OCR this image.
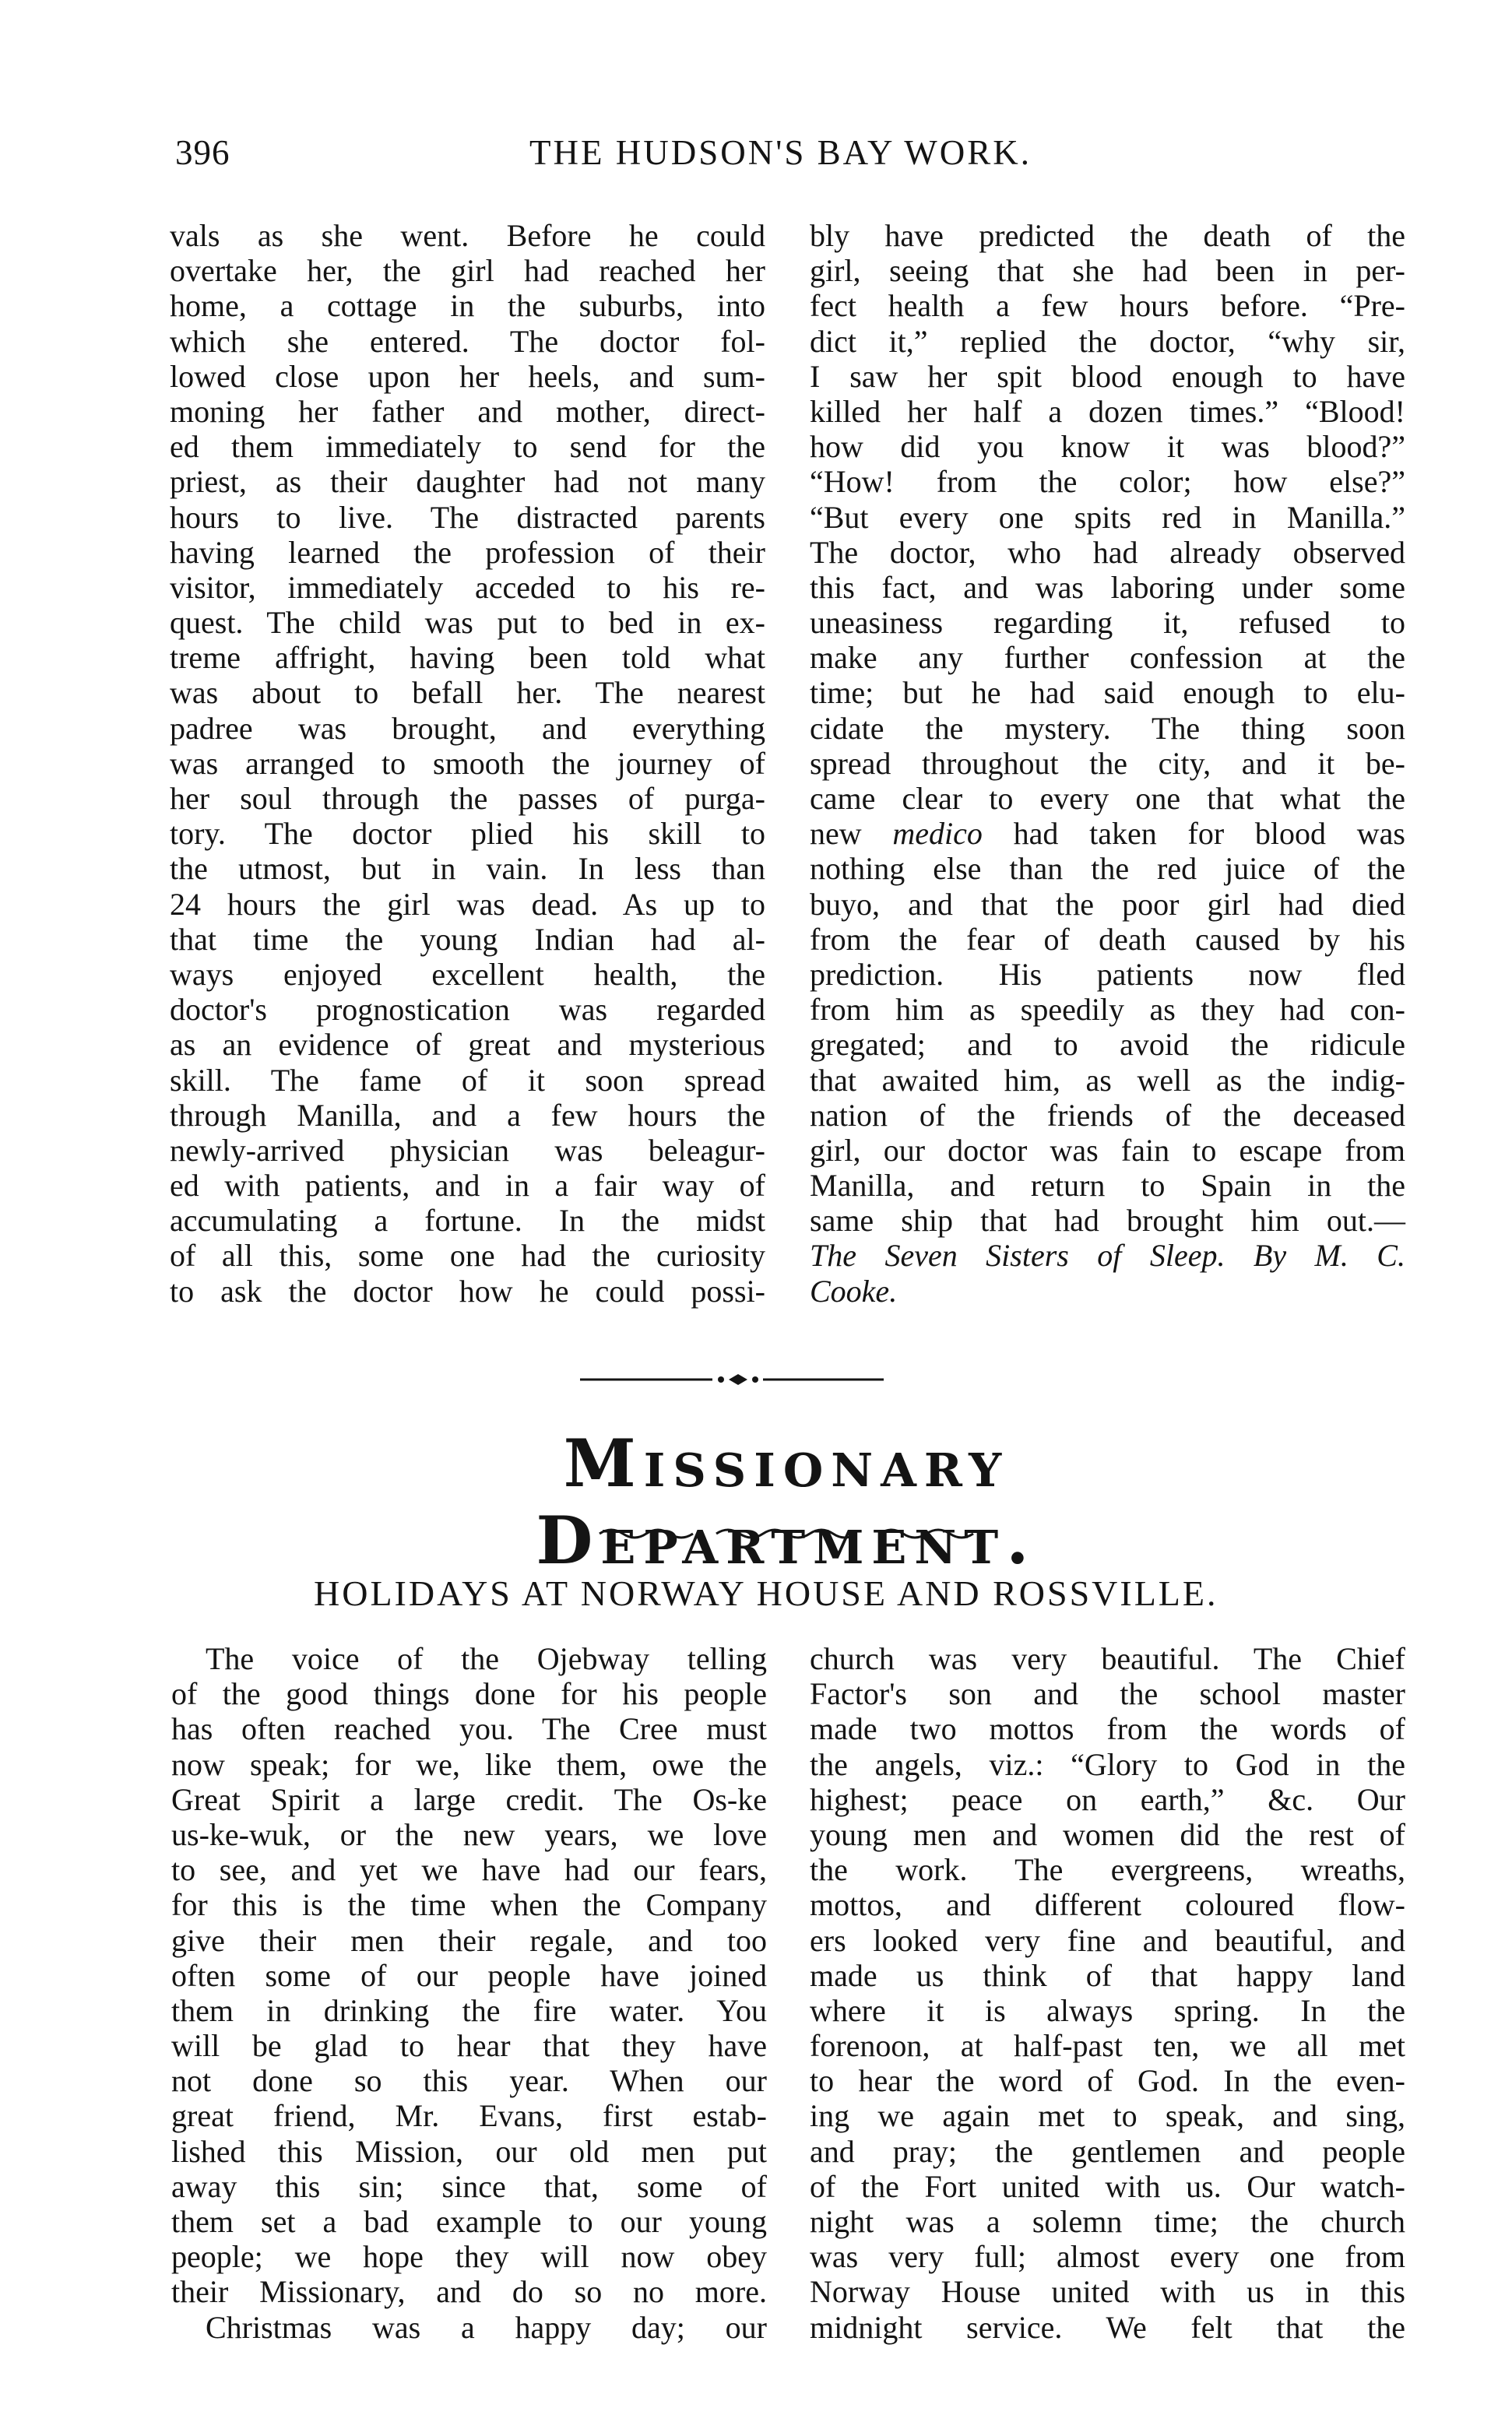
396	THE HUDSON'S BAY WORK.
vals as she went. Before he could
overtake her, the girl had reached her
home, a cottage in the suburbs, into
which she entered. The doctor fol-
lowed close upon her heels, and sum-
moning her father and mother, direct-
ed them immediately to send for the
priest, as their daughter had not many
hours to live. The distracted parents
having learned the profession of their
visitor, immediately acceded to his re-
quest. The child was put to bed in ex-
treme affright, having been told what
was about to befall her. The nearest
padree was brought, and everything
was arranged to smooth the journey of
her soul through the passes of purga-
tory. The doctor plied his skill to
the utmost, but in vain. In less than
24 hours the girl was dead. As up to
that time the young Indian had al-
ways enjoyed excellent health, the
doctor's prognostication was regarded
as an evidence of great and mysterious
skill. The fame of it soon spread
through Manilla, and a few hours the
newly-arrived physician was beleagur-
ed with patients, and in a fair way of
accumulating a fortune. In the midst
of all this, some one had the curiosity
to ask the doctor how he could possi-
bly have predicted the death of the
girl, seeing that she had been in per-
fect health a few hours before. “Pre-
dict it,” replied the doctor, “why sir,
I saw her spit blood enough to have
killed her half a dozen times.” “Blood!
how did you know it was blood?”
“How! from the color; how else?”
“But every one spits red in Manilla.”
The doctor, who had already observed
this fact, and was laboring under some
uneasiness regarding it, refused to
make any further confession at the
time; but he had said enough to elu-
cidate the mystery. The thing soon
spread throughout the city, and it be-
came clear to every one that what the
new medico had taken for blood was
nothing else than the red juice of the
buyo, and that the poor girl had died
from the fear of death caused by his
prediction. His patients now fled
from him as speedily as they had con-
gregated; and to avoid the ridicule
that awaited him, as well as the indig-
nation of the friends of the deceased
girl, our doctor was fain to escape from
Manilla, and return to Spain in the
same ship that had brought him out.—
The Seven Sisters of Sleep. By M. C.
Cooke.
Missionary Department.
HOLIDAYS AT NORWAY HOUSE AND ROSSVILLE.
The voice of the Ojebway telling
of the good things done for his people
has often reached you. The Cree must
now speak; for we, like them, owe the
Great Spirit a large credit. The Os-ke
us-ke-wuk, or the new years, we love
to see, and yet we have had our fears,
for this is the time when the Company
give their men their regale, and too
often some of our people have joined
them in drinking the fire water. You
will be glad to hear that they have
not done so this year. When our
great friend, Mr. Evans, first estab-
lished this Mission, our old men put
away this sin; since that, some of
them set a bad example to our young
people; we hope they will now obey
their Missionary, and do so no more.
Christmas was a happy day; our
church was very beautiful. The Chief
Factor's son and the school master
made two mottos from the words of
the angels, viz.: “Glory to God in the
highest; peace on earth,” &c. Our
young men and women did the rest of
the work. The evergreens, wreaths,
mottos, and different coloured flow-
ers looked very fine and beautiful, and
made us think of that happy land
where it is always spring. In the
forenoon, at half-past ten, we all met
to hear the word of God. In the even-
ing we again met to speak, and sing,
and pray; the gentlemen and people
of the Fort united with us. Our watch-
night was a solemn time; the church
was very full; almost every one from
Norway House united with us in this
midnight service. We felt that the
